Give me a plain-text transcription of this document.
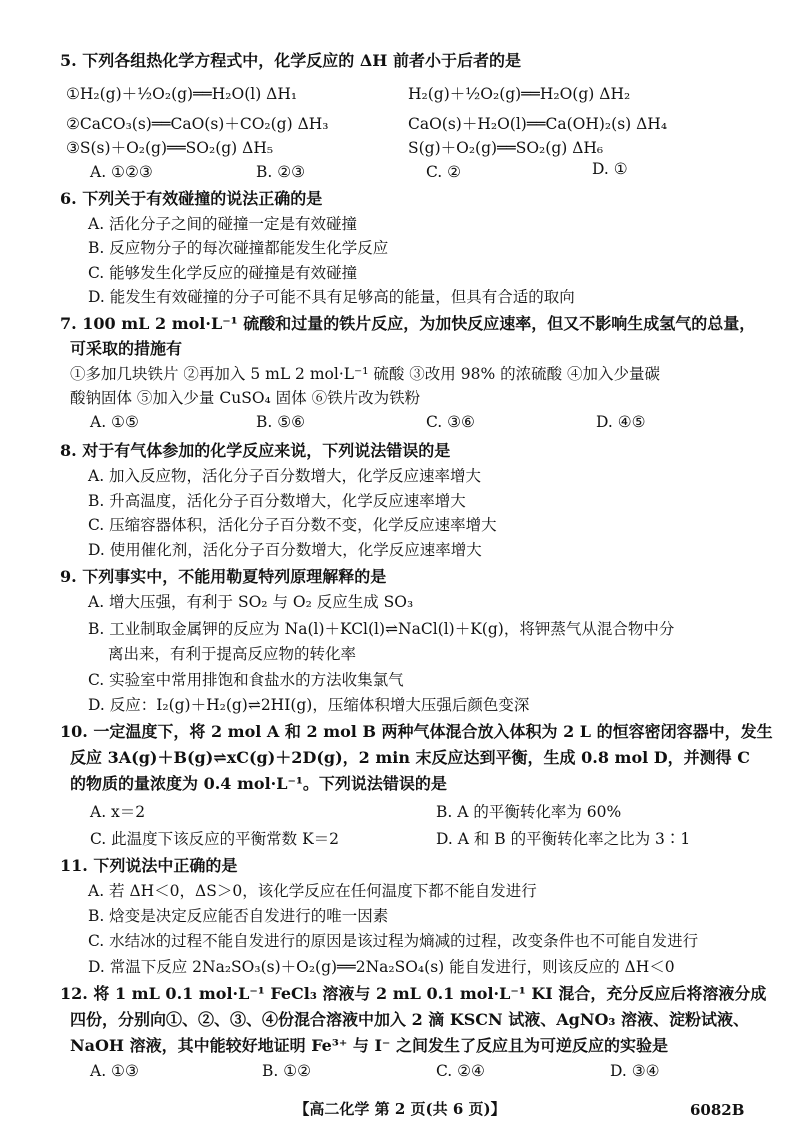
5. 下列各组热化学方程式中，化学反应的 ΔH 前者小于后者的是
①H₂(g)＋½O₂(g)══H₂O(l) ΔH₁	H₂(g)＋½O₂(g)══H₂O(g) ΔH₂
②CaCO₃(s)══CaO(s)＋CO₂(g) ΔH₃	CaO(s)＋H₂O(l)══Ca(OH)₂(s) ΔH₄
③S(s)＋O₂(g)══SO₂(g) ΔH₅	S(g)＋O₂(g)══SO₂(g) ΔH₆
A. ①②③	B. ②③	C. ②	D. ①
6. 下列关于有效碰撞的说法正确的是
A. 活化分子之间的碰撞一定是有效碰撞
B. 反应物分子的每次碰撞都能发生化学反应
C. 能够发生化学反应的碰撞是有效碰撞
D. 能发生有效碰撞的分子可能不具有足够高的能量，但具有合适的取向
7. 100 mL 2 mol·L⁻¹ 硫酸和过量的铁片反应，为加快反应速率，但又不影响生成氢气的总量，
可采取的措施有
①多加几块铁片 ②再加入 5 mL 2 mol·L⁻¹ 硫酸 ③改用 98% 的浓硫酸 ④加入少量碳
酸钠固体 ⑤加入少量 CuSO₄ 固体 ⑥铁片改为铁粉
A. ①⑤	B. ⑤⑥	C. ③⑥	D. ④⑤
8. 对于有气体参加的化学反应来说，下列说法错误的是
A. 加入反应物，活化分子百分数增大，化学反应速率增大
B. 升高温度，活化分子百分数增大，化学反应速率增大
C. 压缩容器体积，活化分子百分数不变，化学反应速率增大
D. 使用催化剂，活化分子百分数增大，化学反应速率增大
9. 下列事实中，不能用勒夏特列原理解释的是
A. 增大压强，有利于 SO₂ 与 O₂ 反应生成 SO₃
B. 工业制取金属钾的反应为 Na(l)＋KCl(l)⇌NaCl(l)＋K(g)，将钾蒸气从混合物中分
离出来，有利于提高反应物的转化率
C. 实验室中常用排饱和食盐水的方法收集氯气
D. 反应：I₂(g)＋H₂(g)⇌2HI(g)，压缩体积增大压强后颜色变深
10. 一定温度下，将 2 mol A 和 2 mol B 两种气体混合放入体积为 2 L 的恒容密闭容器中，发生
反应 3A(g)＋B(g)⇌xC(g)＋2D(g)，2 min 末反应达到平衡，生成 0.8 mol D，并测得 C
的物质的量浓度为 0.4 mol·L⁻¹。下列说法错误的是
A. x＝2	B. A 的平衡转化率为 60%
C. 此温度下该反应的平衡常数 K＝2	D. A 和 B 的平衡转化率之比为 3∶1
11. 下列说法中正确的是
A. 若 ΔH＜0，ΔS＞0，该化学反应在任何温度下都不能自发进行
B. 焓变是决定反应能否自发进行的唯一因素
C. 水结冰的过程不能自发进行的原因是该过程为熵减的过程，改变条件也不可能自发进行
D. 常温下反应 2Na₂SO₃(s)＋O₂(g)══2Na₂SO₄(s) 能自发进行，则该反应的 ΔH＜0
12. 将 1 mL 0.1 mol·L⁻¹ FeCl₃ 溶液与 2 mL 0.1 mol·L⁻¹ KI 混合，充分反应后将溶液分成
四份，分别向①、②、③、④份混合溶液中加入 2 滴 KSCN 试液、AgNO₃ 溶液、淀粉试液、
NaOH 溶液，其中能较好地证明 Fe³⁺ 与 I⁻ 之间发生了反应且为可逆反应的实验是
A. ①③	B. ①②	C. ②④	D. ③④
【高二化学 第 2 页(共 6 页)】	6082B
